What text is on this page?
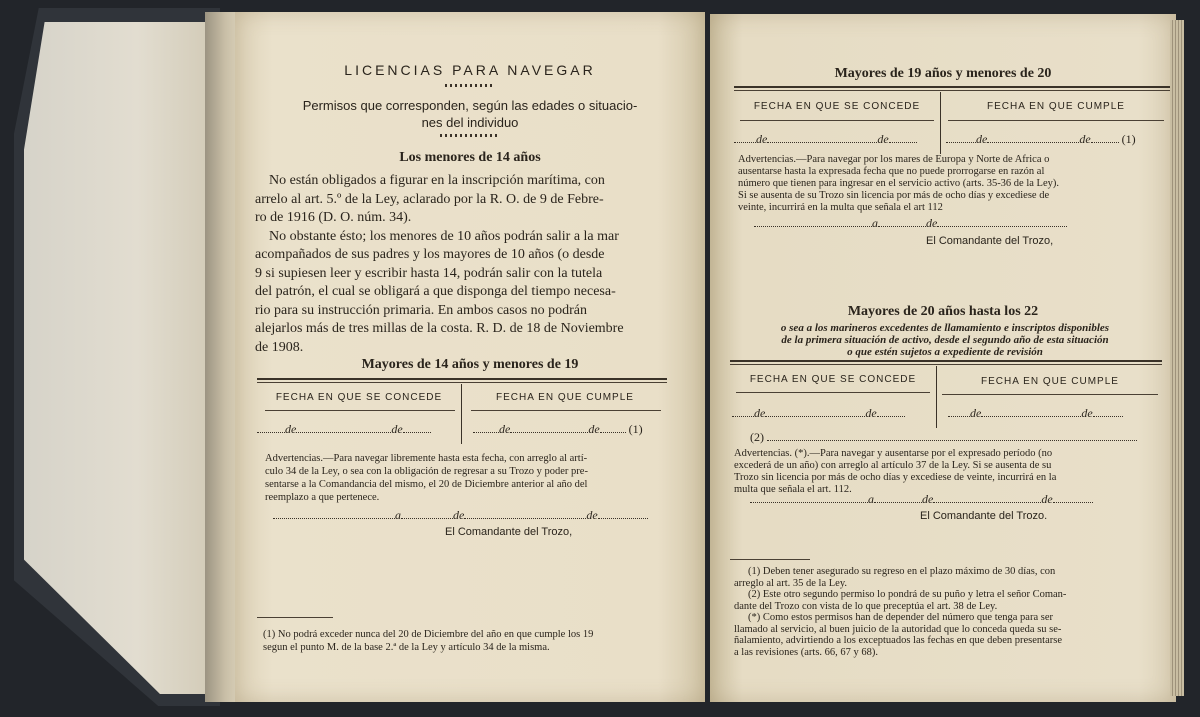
LICENCIAS PARA NAVEGAR
Permisos que corresponden, según las edades o situacio-
nes del individuo
Los menores de 14 años
No están obligados a figurar en la inscripción marítima, con
arrelo al art. 5.º de la Ley, aclarado por la R. O. de 9 de Febre-
ro de 1916 (D. O. núm. 34).
No obstante ésto; los menores de 10 años podrán salir a la mar
acompañados de sus padres y los mayores de 10 años (o desde
9 si supiesen leer y escribir hasta 14, podrán salir con la tutela
del patrón, el cual se obligará a que disponga del tiempo necesa-
rio para su instrucción primaria. En ambos casos no podrán
alejarlos más de tres millas de la costa. R. D. de 18 de Noviembre
de 1908.
Mayores de 14 años y menores de 19
FECHA EN QUE SE CONCEDE	FECHA EN QUE CUMPLE
de	de	de	de (1)
Advertencias.—Para navegar libremente hasta esta fecha, con arreglo al artí-
culo 34 de la Ley, o sea con la obligación de regresar a su Trozo y poder pre-
sentarse a la Comandancia del mismo, el 20 de Diciembre anterior al año del
reemplazo a que pertenece.
a	de	de
El Comandante del Trozo,
(1) No podrá exceder nunca del 20 de Diciembre del año en que cumple los 19
segun el punto M. de la base 2.ª de la Ley y artículo 34 de la misma.
Mayores de 19 años y menores de 20
FECHA EN QUE SE CONCEDE	FECHA EN QUE CUMPLE
de	de	de	de	(1)
Advertencias.—Para navegar por los mares de Europa y Norte de Africa o
ausentarse hasta la expresada fecha que no puede prorrogarse en razón al
número que tienen para ingresar en el servicio activo (arts. 35-36 de la Ley).
Si se ausenta de su Trozo sin licencia por más de ocho días y excediese de
veinte, incurrirá en la multa que señala el art 112
a	de
El Comandante del Trozo,
Mayores de 20 años hasta los 22
o sea a los marineros excedentes de llamamiento e inscriptos disponibles
de la primera situación de activo, desde el segundo año de esta situación
o que estén sujetos a expediente de revisión
FECHA EN QUE SE CONCEDE	FECHA EN QUE CUMPLE
de	de	de	de
(2)
Advertencias. (*).—Para navegar y ausentarse por el expresado período (no
excederá de un año) con arreglo al artículo 37 de la Ley. Si se ausenta de su
Trozo sin licencia por más de ocho días y excediese de veinte, incurrirá en la
multa que señala el art. 112.
a	de	de
El Comandante del Trozo.
(1) Deben tener asegurado su regreso en el plazo máximo de 30 días, con
arreglo al art. 35 de la Ley.
(2) Este otro segundo permiso lo pondrá de su puño y letra el señor Coman-
dante del Trozo con vista de lo que preceptúa el art. 38 de Ley.
(*) Como estos permisos han de depender del número que tenga para ser
llamado al servicio, al buen juicio de la autoridad que lo conceda queda su se-
ñalamiento, advirtiendo a los exceptuados las fechas en que deben presentarse
a las revisiones (arts. 66, 67 y 68).
